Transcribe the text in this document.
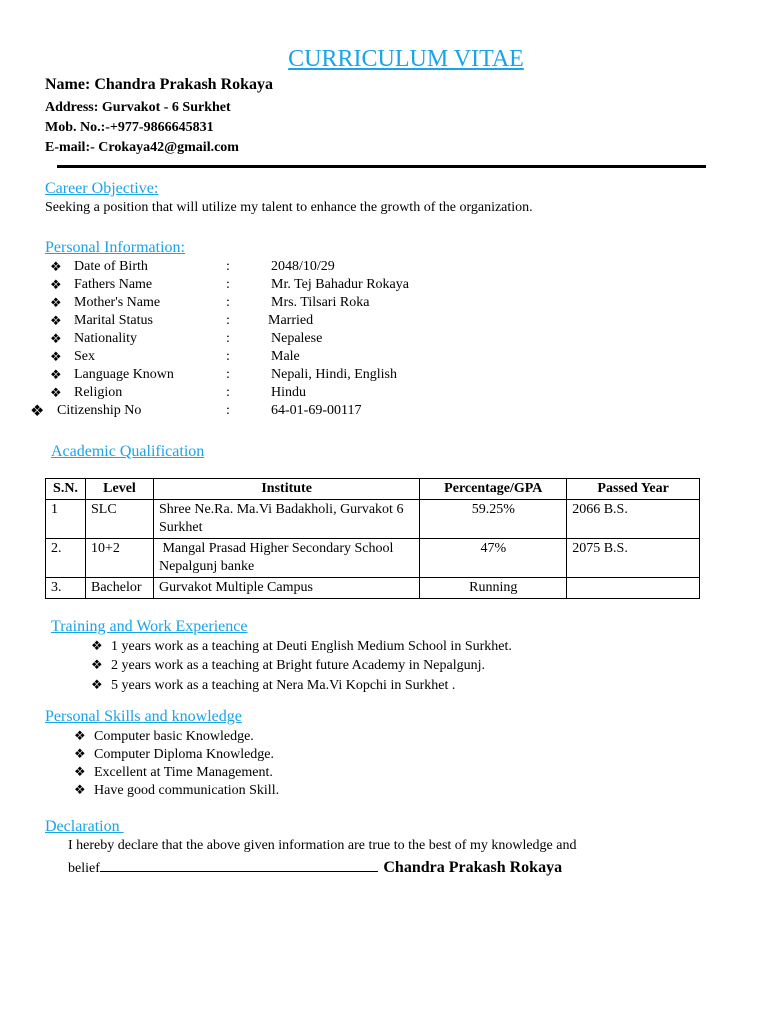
CURRICULUM VITAE
Name: Chandra Prakash Rokaya
Address: Gurvakot - 6 Surkhet
Mob. No.:-+977-9866645831
E-mail:- Crokaya42@gmail.com
Career Objective:
Seeking a position that will utilize my talent to enhance the growth of the organization.
Personal Information:
❖ Date of Birth	:	2048/10/29
❖ Fathers Name	:	Mr. Tej Bahadur Rokaya
❖ Mother's Name	:	Mrs. Tilsari Roka
❖ Marital Status	:	Married
❖ Nationality	:	Nepalese
❖ Sex	:	Male
❖ Language Known	:	Nepali, Hindi, English
❖ Religion	:	Hindu
❖ Citizenship No	:	64-01-69-00117
Academic Qualification
S.N.	Level	Institute	Percentage/GPA	Passed Year
1	SLC	Shree Ne.Ra. Ma.Vi Badakholi, Gurvakot 6 Surkhet	59.25%	2066 B.S.
2.	10+2	Mangal Prasad Higher Secondary School Nepalgunj banke	47%	2075 B.S.
3.	Bachelor	Gurvakot Multiple Campus	Running	
Training and Work Experience
❖ 1 years work as a teaching at Deuti English Medium School in Surkhet.
❖ 2 years work as a teaching at Bright future Academy in Nepalgunj.
❖ 5 years work as a teaching at Nera Ma.Vi Kopchi in Surkhet .
Personal Skills and knowledge
❖ Computer basic Knowledge.
❖ Computer Diploma Knowledge.
❖ Excellent at Time Management.
❖ Have good communication Skill.
Declaration
I hereby declare that the above given information are true to the best of my knowledge and
belief	Chandra Prakash Rokaya
